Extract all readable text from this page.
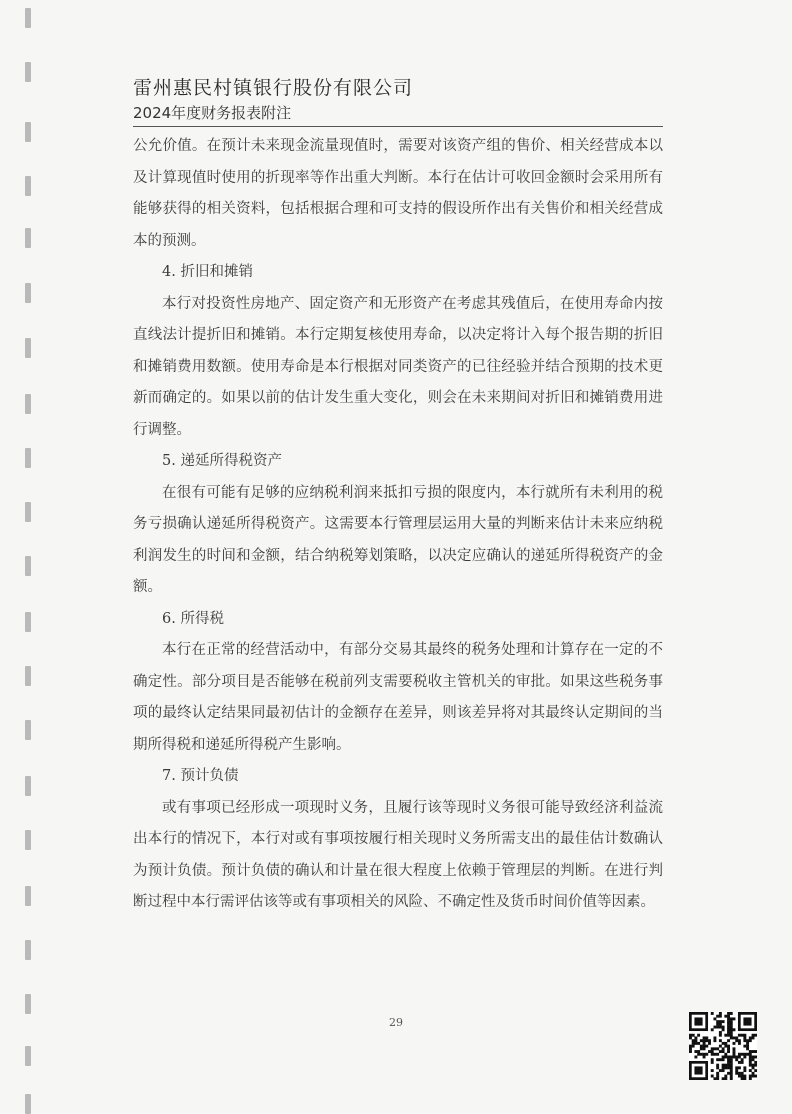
雷州惠民村镇银行股份有限公司
2024年度财务报表附注

公允价值。在预计未来现金流量现值时，需要对该资产组的售价、相关经营成本以及计算现值时使用的折现率等作出重大判断。本行在估计可收回金额时会采用所有能够获得的相关资料，包括根据合理和可支持的假设所作出有关售价和相关经营成本的预测。

4. 折旧和摊销

本行对投资性房地产、固定资产和无形资产在考虑其残值后，在使用寿命内按直线法计提折旧和摊销。本行定期复核使用寿命，以决定将计入每个报告期的折旧和摊销费用数额。使用寿命是本行根据对同类资产的已往经验并结合预期的技术更新而确定的。如果以前的估计发生重大变化，则会在未来期间对折旧和摊销费用进行调整。

5. 递延所得税资产

在很有可能有足够的应纳税利润来抵扣亏损的限度内，本行就所有未利用的税务亏损确认递延所得税资产。这需要本行管理层运用大量的判断来估计未来应纳税利润发生的时间和金额，结合纳税筹划策略，以决定应确认的递延所得税资产的金额。

6. 所得税

本行在正常的经营活动中，有部分交易其最终的税务处理和计算存在一定的不确定性。部分项目是否能够在税前列支需要税收主管机关的审批。如果这些税务事项的最终认定结果同最初估计的金额存在差异，则该差异将对其最终认定期间的当期所得税和递延所得税产生影响。

7. 预计负债

或有事项已经形成一项现时义务，且履行该等现时义务很可能导致经济利益流出本行的情况下，本行对或有事项按履行相关现时义务所需支出的最佳估计数确认为预计负债。预计负债的确认和计量在很大程度上依赖于管理层的判断。在进行判断过程中本行需评估该等或有事项相关的风险、不确定性及货币时间价值等因素。

29
